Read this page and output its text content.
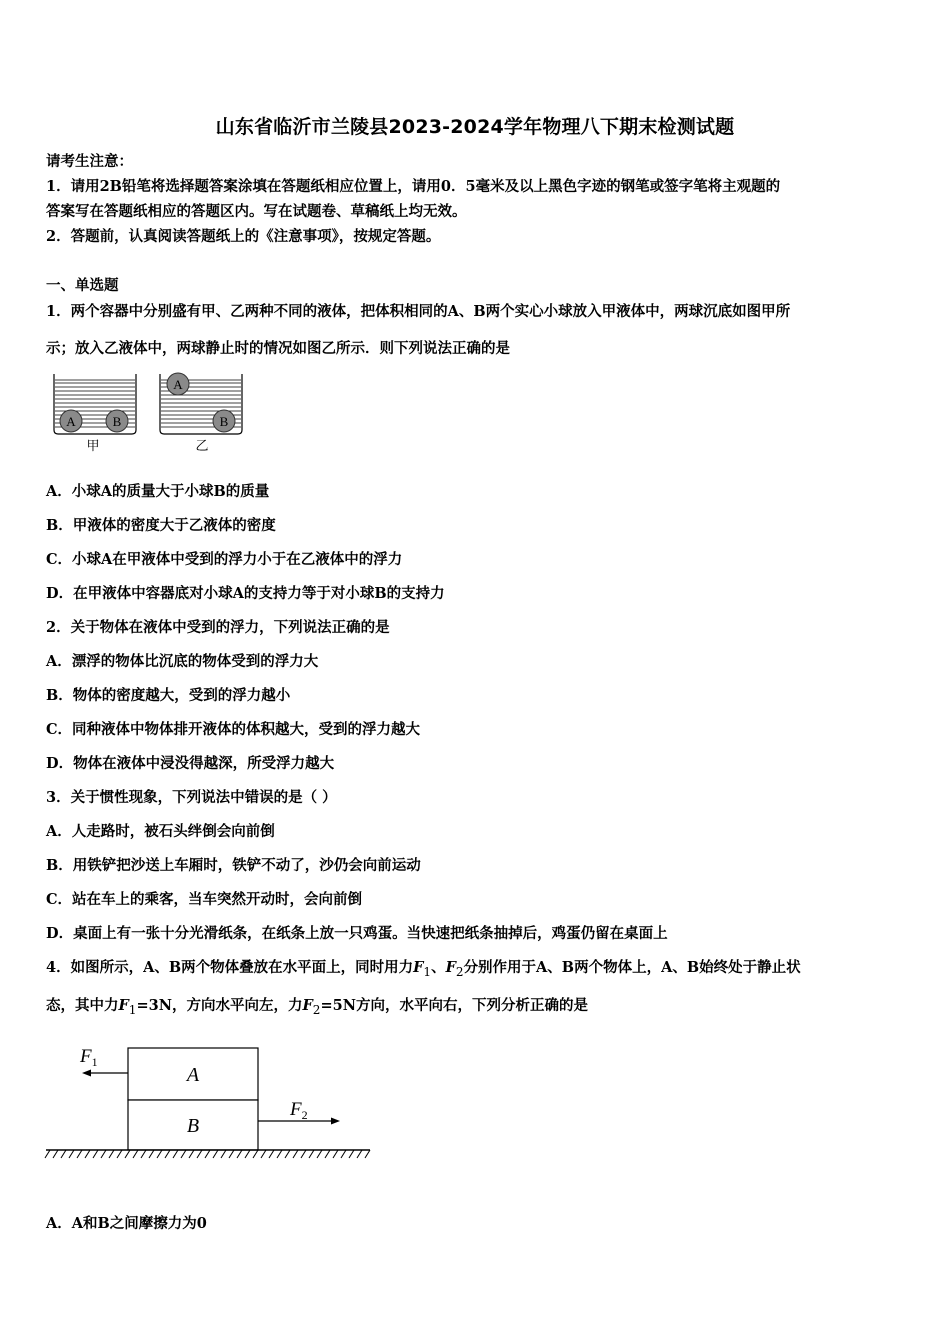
山东省临沂市兰陵县2023-2024学年物理八下期末检测试题
请考生注意：
1．请用2B铅笔将选择题答案涂填在答题纸相应位置上，请用0．5毫米及以上黑色字迹的钢笔或签字笔将主观题的
答案写在答题纸相应的答题区内。写在试题卷、草稿纸上均无效。
2．答题前，认真阅读答题纸上的《注意事项》，按规定答题。
一、单选题
1．两个容器中分别盛有甲、乙两种不同的液体，把体积相同的A、B两个实心小球放入甲液体中，两球沉底如图甲所
示；放入乙液体中，两球静止时的情况如图乙所示．则下列说法正确的是
A	B
甲
A
B
乙
A．小球A的质量大于小球B的质量
B．甲液体的密度大于乙液体的密度
C．小球A在甲液体中受到的浮力小于在乙液体中的浮力
D．在甲液体中容器底对小球A的支持力等于对小球B的支持力
2．关于物体在液体中受到的浮力，下列说法正确的是
A．漂浮的物体比沉底的物体受到的浮力大
B．物体的密度越大，受到的浮力越小
C．同种液体中物体排开液体的体积越大，受到的浮力越大
D．物体在液体中浸没得越深，所受浮力越大
3．关于惯性现象，下列说法中错误的是（ ）
A．人走路时，被石头绊倒会向前倒
B．用铁铲把沙送上车厢时，铁铲不动了，沙仍会向前运动
C．站在车上的乘客，当车突然开动时，会向前倒
D．桌面上有一张十分光滑纸条，在纸条上放一只鸡蛋。当快速把纸条抽掉后，鸡蛋仍留在桌面上
4．如图所示，A、B两个物体叠放在水平面上，同时用力$F_1$、$F_2$分别作用于A、B两个物体上，A、B始终处于静止状
态，其中力$F_1=3N$，方向水平向左，力$F_2=5N$方向，水平向右，下列分析正确的是
A
B
$F_1$
$F_2$
A．A和B之间摩擦力为0
